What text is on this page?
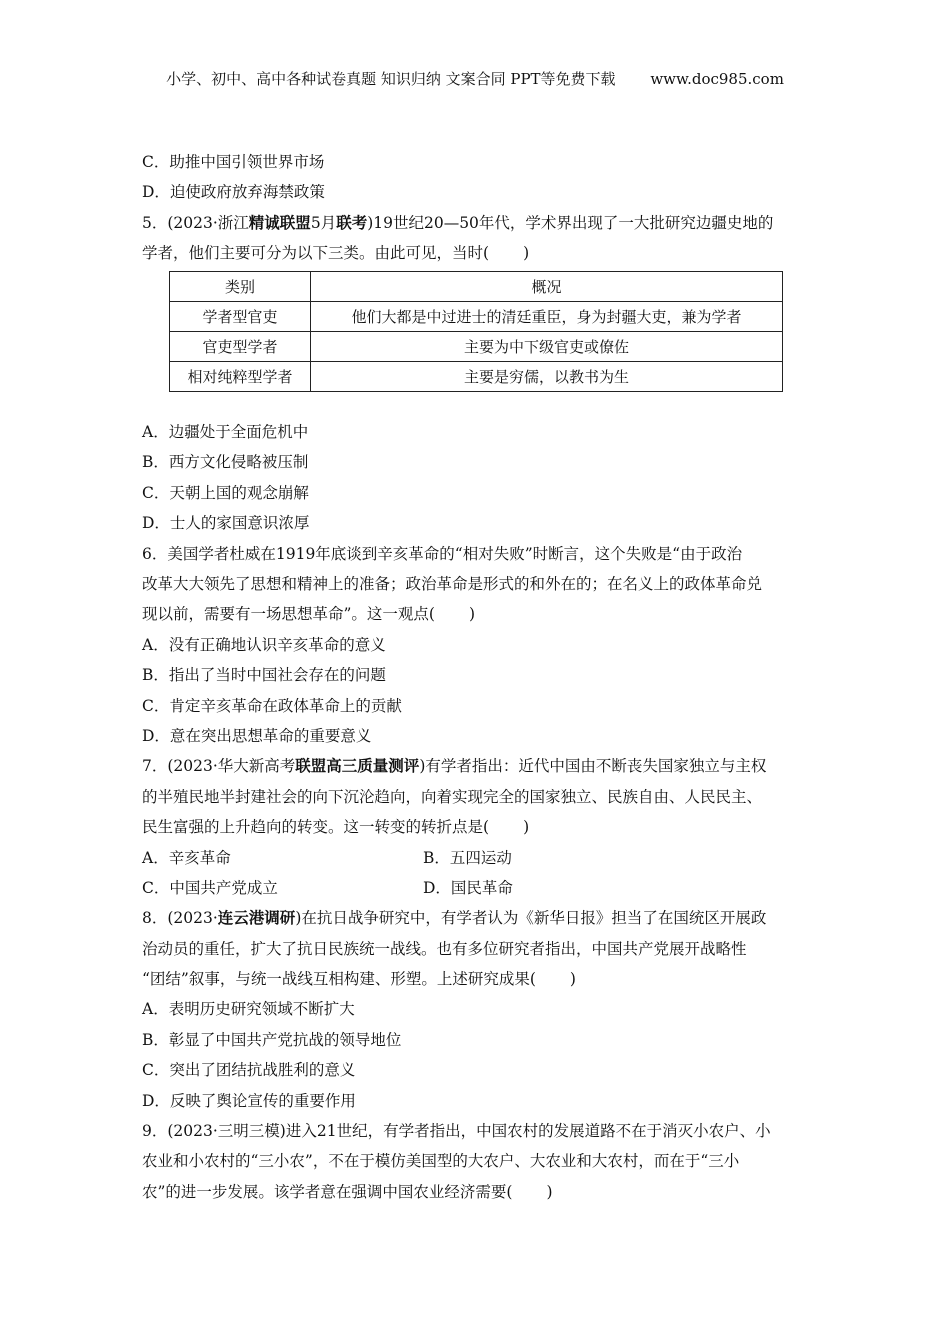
小学、初中、高中各种试卷真题 知识归纳 文案合同 PPT等免费下载 www.doc985.com
C．助推中国引领世界市场
D．迫使政府放弃海禁政策
5．(2023·浙江精诚联盟5月联考)19世纪20—50年代，学术界出现了一大批研究边疆史地的
学者，他们主要可分为以下三类。由此可见，当时( )
类别	概况
学者型官吏	他们大都是中过进士的清廷重臣，身为封疆大吏，兼为学者
官吏型学者	主要为中下级官吏或僚佐
相对纯粹型学者	主要是穷儒，以教书为生
A．边疆处于全面危机中
B．西方文化侵略被压制
C．天朝上国的观念崩解
D．士人的家国意识浓厚
6．美国学者杜威在1919年底谈到辛亥革命的“相对失败”时断言，这个失败是“由于政治
改革大大领先了思想和精神上的准备；政治革命是形式的和外在的；在名义上的政体革命兑
现以前，需要有一场思想革命”。这一观点( )
A．没有正确地认识辛亥革命的意义
B．指出了当时中国社会存在的问题
C．肯定辛亥革命在政体革命上的贡献
D．意在突出思想革命的重要意义
7．(2023·华大新高考联盟高三质量测评)有学者指出：近代中国由不断丧失国家独立与主权
的半殖民地半封建社会的向下沉沦趋向，向着实现完全的国家独立、民族自由、人民民主、
民生富强的上升趋向的转变。这一转变的转折点是( )
A．辛亥革命	B．五四运动
C．中国共产党成立	D．国民革命
8．(2023·连云港调研)在抗日战争研究中，有学者认为《新华日报》担当了在国统区开展政
治动员的重任，扩大了抗日民族统一战线。也有多位研究者指出，中国共产党展开战略性
“团结”叙事，与统一战线互相构建、形塑。上述研究成果( )
A．表明历史研究领域不断扩大
B．彰显了中国共产党抗战的领导地位
C．突出了团结抗战胜利的意义
D．反映了舆论宣传的重要作用
9．(2023·三明三模)进入21世纪，有学者指出，中国农村的发展道路不在于消灭小农户、小
农业和小农村的“三小农”，不在于模仿美国型的大农户、大农业和大农村，而在于“三小
农”的进一步发展。该学者意在强调中国农业经济需要( )
